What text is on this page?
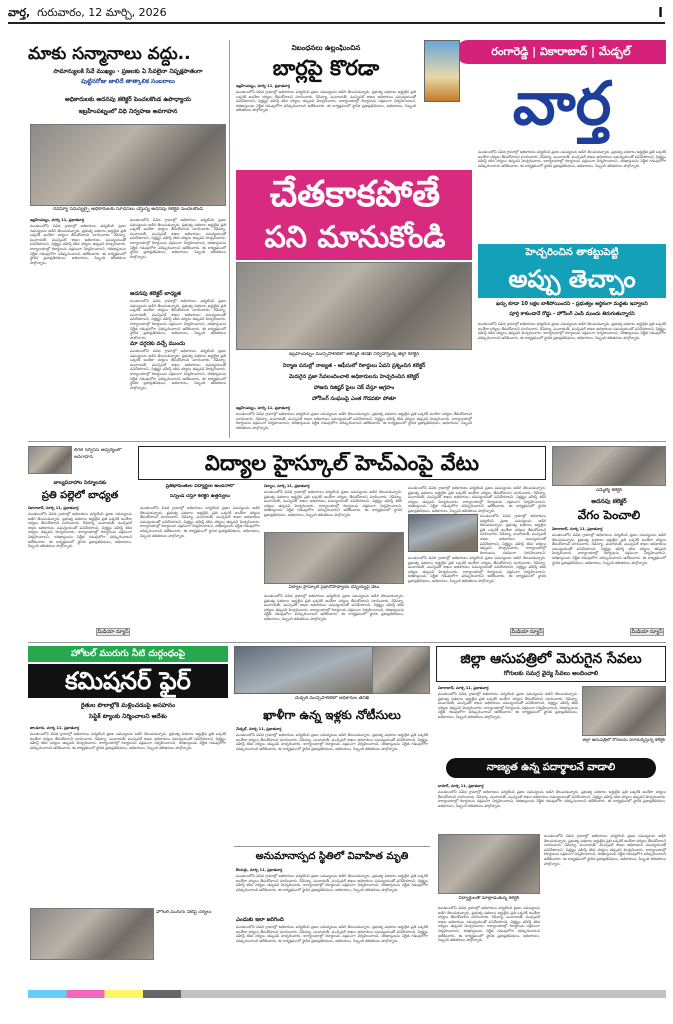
వార్త, గురువారం, 12 మార్చి, 2026	I
రంగారెడ్డి | వికారాబాద్ | మేడ్చల్
వార్త
మాకు సన్మానాలు వద్దు..
సామాన్యులకి సేవే ముఖ్యం - ప్రజలకు ఏ సేవలైనా నిష్పక్షపాతంగా
పుట్టినరోజు జాలిదే తాత్కాలిక సంబరాలు
అధికారులకు అదనపు కలెక్టర్ పెంచలకొండ ఉపాధ్యాయ
ఇబ్రహీంపట్నంలో విధి నిర్వహణ అవగాహన
రెవెన్యూ సమస్యల్పై అధికారులకు సూచనలు చేస్తున్న అదనపు కలెక్టర్ పెంచలకొండ
ఇబ్రహీంపట్నం, మార్చి 11, ప్రభాతవార్త
మండలంలోని వివిధ గ్రామాల్లో అధికారులు పర్యటించి ప్రజల సమస్యలను అడిగి తెలుసుకున్నారు. ప్రభుత్వ పథకాలు అర్హులైన ప్రతి ఒక్కరికీ అందేలా చర్యలు తీసుకోవాలని సూచించారు. రెవెన్యూ, పంచాయతీ, మున్సిపల్ శాఖల అధికారులు సమన్వయంతో పనిచేయాలని, నిర్లక్ష్యం వహిస్తే కఠిన చర్యలు తప్పవని హెచ్చరించారు. కార్యాలయాల్లో రికార్డులను సక్రమంగా నిర్వహించాలని, దరఖాస్తులను నిర్ణీత గడువులోగా పరిష్కరించాలని ఆదేశించారు. ఈ కార్యక్రమంలో స్థానిక ప్రజాప్రతినిధులు, అధికారులు, సిబ్బంది తదితరులు పాల్గొన్నారు.
మండలంలోని వివిధ గ్రామాల్లో అధికారులు పర్యటించి ప్రజల సమస్యలను అడిగి తెలుసుకున్నారు. ప్రభుత్వ పథకాలు అర్హులైన ప్రతి ఒక్కరికీ అందేలా చర్యలు తీసుకోవాలని సూచించారు. రెవెన్యూ, పంచాయతీ, మున్సిపల్ శాఖల అధికారులు సమన్వయంతో పనిచేయాలని, నిర్లక్ష్యం వహిస్తే కఠిన చర్యలు తప్పవని హెచ్చరించారు. కార్యాలయాల్లో రికార్డులను సక్రమంగా నిర్వహించాలని, దరఖాస్తులను నిర్ణీత గడువులోగా పరిష్కరించాలని ఆదేశించారు. ఈ కార్యక్రమంలో స్థానిక ప్రజాప్రతినిధులు, అధికారులు, సిబ్బంది తదితరులు పాల్గొన్నారు.
అదనపు కలెక్టర్ బాధ్యత
మండలంలోని వివిధ గ్రామాల్లో అధికారులు పర్యటించి ప్రజల సమస్యలను అడిగి తెలుసుకున్నారు. ప్రభుత్వ పథకాలు అర్హులైన ప్రతి ఒక్కరికీ అందేలా చర్యలు తీసుకోవాలని సూచించారు. రెవెన్యూ, పంచాయతీ, మున్సిపల్ శాఖల అధికారులు సమన్వయంతో పనిచేయాలని, నిర్లక్ష్యం వహిస్తే కఠిన చర్యలు తప్పవని హెచ్చరించారు. కార్యాలయాల్లో రికార్డులను సక్రమంగా నిర్వహించాలని, దరఖాస్తులను నిర్ణీత గడువులోగా పరిష్కరించాలని ఆదేశించారు. ఈ కార్యక్రమంలో స్థానిక ప్రజాప్రతినిధులు, అధికారులు, సిబ్బంది తదితరులు పాల్గొన్నారు.
మా దగ్గరకు వచ్చే ముందు
మండలంలోని వివిధ గ్రామాల్లో అధికారులు పర్యటించి ప్రజల సమస్యలను అడిగి తెలుసుకున్నారు. ప్రభుత్వ పథకాలు అర్హులైన ప్రతి ఒక్కరికీ అందేలా చర్యలు తీసుకోవాలని సూచించారు. రెవెన్యూ, పంచాయతీ, మున్సిపల్ శాఖల అధికారులు సమన్వయంతో పనిచేయాలని, నిర్లక్ష్యం వహిస్తే కఠిన చర్యలు తప్పవని హెచ్చరించారు. కార్యాలయాల్లో రికార్డులను సక్రమంగా నిర్వహించాలని, దరఖాస్తులను నిర్ణీత గడువులోగా పరిష్కరించాలని ఆదేశించారు. ఈ కార్యక్రమంలో స్థానిక ప్రజాప్రతినిధులు, అధికారులు, సిబ్బంది తదితరులు పాల్గొన్నారు.
నిబంధనలు ఉల్లంఘించిన
బార్లపై కొరడా
ఇబ్రహీంపట్నం, మార్చి 11, ప్రభాతవార్త
మండలంలోని వివిధ గ్రామాల్లో అధికారులు పర్యటించి ప్రజల సమస్యలను అడిగి తెలుసుకున్నారు. ప్రభుత్వ పథకాలు అర్హులైన ప్రతి ఒక్కరికీ అందేలా చర్యలు తీసుకోవాలని సూచించారు. రెవెన్యూ, పంచాయతీ, మున్సిపల్ శాఖల అధికారులు సమన్వయంతో పనిచేయాలని, నిర్లక్ష్యం వహిస్తే కఠిన చర్యలు తప్పవని హెచ్చరించారు. కార్యాలయాల్లో రికార్డులను సక్రమంగా నిర్వహించాలని, దరఖాస్తులను నిర్ణీత గడువులోగా పరిష్కరించాలని ఆదేశించారు. ఈ కార్యక్రమంలో స్థానిక ప్రజాప్రతినిధులు, అధికారులు, సిబ్బంది తదితరులు పాల్గొన్నారు.
చేతకాకపోతే
పని మానుకోండి
ఇబ్రహీంపట్నం మున్సిపాలిటీలో ఆకస్మిక తనిఖీ నిర్వహిస్తున్న జిల్లా కలెక్టర్
నిర్మాణ పనుల్లో నాణ్యత - ఆఫీసులో రికార్డులు ఏవని ప్రశ్నించిన కలెక్టర్
మెరుగైన ప్రజా సేవలందించాలి అధికారులను హెచ్చరించిన కలెక్టర్
హాజరు రిజిష్టర్ ఫైలు చెక్ చేస్తూ ఆగ్రహం
హోసింగ్ సంఘంపై ఎంత గొడవకూ పోతూ
ఇబ్రహీంపట్నం, మార్చి 11, ప్రభాతవార్త
మండలంలోని వివిధ గ్రామాల్లో అధికారులు పర్యటించి ప్రజల సమస్యలను అడిగి తెలుసుకున్నారు. ప్రభుత్వ పథకాలు అర్హులైన ప్రతి ఒక్కరికీ అందేలా చర్యలు తీసుకోవాలని సూచించారు. రెవెన్యూ, పంచాయతీ, మున్సిపల్ శాఖల అధికారులు సమన్వయంతో పనిచేయాలని, నిర్లక్ష్యం వహిస్తే కఠిన చర్యలు తప్పవని హెచ్చరించారు. కార్యాలయాల్లో రికార్డులను సక్రమంగా నిర్వహించాలని, దరఖాస్తులను నిర్ణీత గడువులోగా పరిష్కరించాలని ఆదేశించారు. ఈ కార్యక్రమంలో స్థానిక ప్రజాప్రతినిధులు, అధికారులు, సిబ్బంది తదితరులు పాల్గొన్నారు.
మండలంలోని వివిధ గ్రామాల్లో అధికారులు పర్యటించి ప్రజల సమస్యలను అడిగి తెలుసుకున్నారు. ప్రభుత్వ పథకాలు అర్హులైన ప్రతి ఒక్కరికీ అందేలా చర్యలు తీసుకోవాలని సూచించారు. రెవెన్యూ, పంచాయతీ, మున్సిపల్ శాఖల అధికారులు సమన్వయంతో పనిచేయాలని, నిర్లక్ష్యం వహిస్తే కఠిన చర్యలు తప్పవని హెచ్చరించారు. కార్యాలయాల్లో రికార్డులను సక్రమంగా నిర్వహించాలని, దరఖాస్తులను నిర్ణీత గడువులోగా పరిష్కరించాలని ఆదేశించారు. ఈ కార్యక్రమంలో స్థానిక ప్రజాప్రతినిధులు, అధికారులు, సిబ్బంది తదితరులు పాల్గొన్నారు.
హెచ్చరించిన తాకట్టుపెట్టి
అప్పు తెచ్చాం
ఖర్చు కూడా 10 లక్షల బాకీపోయిందని - ప్రభుత్వం ఆర్థికంగా మద్దతు ఇవ్వాలని
పూర్తి కాకుండానే రోడ్డు - హోసింగ్ ఎంపీ ముందు తిరుగుతున్నారని
మండలంలోని వివిధ గ్రామాల్లో అధికారులు పర్యటించి ప్రజల సమస్యలను అడిగి తెలుసుకున్నారు. ప్రభుత్వ పథకాలు అర్హులైన ప్రతి ఒక్కరికీ అందేలా చర్యలు తీసుకోవాలని సూచించారు. రెవెన్యూ, పంచాయతీ, మున్సిపల్ శాఖల అధికారులు సమన్వయంతో పనిచేయాలని, నిర్లక్ష్యం వహిస్తే కఠిన చర్యలు తప్పవని హెచ్చరించారు. కార్యాలయాల్లో రికార్డులను సక్రమంగా నిర్వహించాలని, దరఖాస్తులను నిర్ణీత గడువులోగా పరిష్కరించాలని ఆదేశించారు. ఈ కార్యక్రమంలో స్థానిక ప్రజాప్రతినిధులు, అధికారులు, సిబ్బంది తదితరులు పాల్గొన్నారు.
లీగల్ సర్వీసెస్ ఆధ్వర్యంలో అవగాహన
బాల్యవివాహాల నిర్మూలనకు
ప్రతి పల్లెలో బాధ్యత
వికారాబాద్, మార్చి 11, ప్రభాతవార్త
మండలంలోని వివిధ గ్రామాల్లో అధికారులు పర్యటించి ప్రజల సమస్యలను అడిగి తెలుసుకున్నారు. ప్రభుత్వ పథకాలు అర్హులైన ప్రతి ఒక్కరికీ అందేలా చర్యలు తీసుకోవాలని సూచించారు. రెవెన్యూ, పంచాయతీ, మున్సిపల్ శాఖల అధికారులు సమన్వయంతో పనిచేయాలని, నిర్లక్ష్యం వహిస్తే కఠిన చర్యలు తప్పవని హెచ్చరించారు. కార్యాలయాల్లో రికార్డులను సక్రమంగా నిర్వహించాలని, దరఖాస్తులను నిర్ణీత గడువులోగా పరిష్కరించాలని ఆదేశించారు. ఈ కార్యక్రమంలో స్థానిక ప్రజాప్రతినిధులు, అధికారులు, సిబ్బంది తదితరులు పాల్గొన్నారు.
మీడియా న్యూస్
విద్యాల హైస్కూల్ హెచ్ఎంపై వేటు
ప్రతిభావంతుల విద్యార్థుల అంచనాలో
సస్పెండ్ చేస్తూ కలెక్టర్ ఉత్తర్వులు
విద్యాల, మార్చి 11, ప్రభాతవార్త
మండలంలోని వివిధ గ్రామాల్లో అధికారులు పర్యటించి ప్రజల సమస్యలను అడిగి తెలుసుకున్నారు. ప్రభుత్వ పథకాలు అర్హులైన ప్రతి ఒక్కరికీ అందేలా చర్యలు తీసుకోవాలని సూచించారు. రెవెన్యూ, పంచాయతీ, మున్సిపల్ శాఖల అధికారులు సమన్వయంతో పనిచేయాలని, నిర్లక్ష్యం వహిస్తే కఠిన చర్యలు తప్పవని హెచ్చరించారు. కార్యాలయాల్లో రికార్డులను సక్రమంగా నిర్వహించాలని, దరఖాస్తులను నిర్ణీత గడువులోగా పరిష్కరించాలని ఆదేశించారు. ఈ కార్యక్రమంలో స్థానిక ప్రజాప్రతినిధులు, అధికారులు, సిబ్బంది తదితరులు పాల్గొన్నారు.
మండలంలోని వివిధ గ్రామాల్లో అధికారులు పర్యటించి ప్రజల సమస్యలను అడిగి తెలుసుకున్నారు. ప్రభుత్వ పథకాలు అర్హులైన ప్రతి ఒక్కరికీ అందేలా చర్యలు తీసుకోవాలని సూచించారు. రెవెన్యూ, పంచాయతీ, మున్సిపల్ శాఖల అధికారులు సమన్వయంతో పనిచేయాలని, నిర్లక్ష్యం వహిస్తే కఠిన చర్యలు తప్పవని హెచ్చరించారు. కార్యాలయాల్లో రికార్డులను సక్రమంగా నిర్వహించాలని, దరఖాస్తులను నిర్ణీత గడువులోగా పరిష్కరించాలని ఆదేశించారు. ఈ కార్యక్రమంలో స్థానిక ప్రజాప్రతినిధులు, అధికారులు, సిబ్బంది తదితరులు పాల్గొన్నారు.
విద్యాల హైస్కూల్ ప్రధానోపాధ్యాయ చెన్నయ్యపై వేటు
మండలంలోని వివిధ గ్రామాల్లో అధికారులు పర్యటించి ప్రజల సమస్యలను అడిగి తెలుసుకున్నారు. ప్రభుత్వ పథకాలు అర్హులైన ప్రతి ఒక్కరికీ అందేలా చర్యలు తీసుకోవాలని సూచించారు. రెవెన్యూ, పంచాయతీ, మున్సిపల్ శాఖల అధికారులు సమన్వయంతో పనిచేయాలని, నిర్లక్ష్యం వహిస్తే కఠిన చర్యలు తప్పవని హెచ్చరించారు. కార్యాలయాల్లో రికార్డులను సక్రమంగా నిర్వహించాలని, దరఖాస్తులను నిర్ణీత గడువులోగా పరిష్కరించాలని ఆదేశించారు. ఈ కార్యక్రమంలో స్థానిక ప్రజాప్రతినిధులు, అధికారులు, సిబ్బంది తదితరులు పాల్గొన్నారు.
మండలంలోని వివిధ గ్రామాల్లో అధికారులు పర్యటించి ప్రజల సమస్యలను అడిగి తెలుసుకున్నారు. ప్రభుత్వ పథకాలు అర్హులైన ప్రతి ఒక్కరికీ అందేలా చర్యలు తీసుకోవాలని సూచించారు. రెవెన్యూ, పంచాయతీ, మున్సిపల్ శాఖల అధికారులు సమన్వయంతో పనిచేయాలని, నిర్లక్ష్యం వహిస్తే కఠిన చర్యలు తప్పవని హెచ్చరించారు. కార్యాలయాల్లో రికార్డులను సక్రమంగా నిర్వహించాలని, దరఖాస్తులను నిర్ణీత గడువులోగా పరిష్కరించాలని ఆదేశించారు. ఈ కార్యక్రమంలో స్థానిక ప్రజాప్రతినిధులు, అధికారులు, సిబ్బంది తదితరులు పాల్గొన్నారు.
మండలంలోని వివిధ గ్రామాల్లో అధికారులు పర్యటించి ప్రజల సమస్యలను అడిగి తెలుసుకున్నారు. ప్రభుత్వ పథకాలు అర్హులైన ప్రతి ఒక్కరికీ అందేలా చర్యలు తీసుకోవాలని సూచించారు. రెవెన్యూ, పంచాయతీ, మున్సిపల్ శాఖల అధికారులు సమన్వయంతో పనిచేయాలని, నిర్లక్ష్యం వహిస్తే కఠిన చర్యలు తప్పవని హెచ్చరించారు. కార్యాలయాల్లో రికార్డులను సక్రమంగా నిర్వహించాలని,
మండలంలోని వివిధ గ్రామాల్లో అధికారులు పర్యటించి ప్రజల సమస్యలను అడిగి తెలుసుకున్నారు. ప్రభుత్వ పథకాలు అర్హులైన ప్రతి ఒక్కరికీ అందేలా చర్యలు తీసుకోవాలని సూచించారు. రెవెన్యూ, పంచాయతీ, మున్సిపల్ శాఖల అధికారులు సమన్వయంతో పనిచేయాలని, నిర్లక్ష్యం వహిస్తే కఠిన చర్యలు తప్పవని హెచ్చరించారు. కార్యాలయాల్లో రికార్డులను సక్రమంగా నిర్వహించాలని, దరఖాస్తులను నిర్ణీత గడువులోగా పరిష్కరించాలని ఆదేశించారు. ఈ కార్యక్రమంలో స్థానిక ప్రజాప్రతినిధులు, అధికారులు, సిబ్బంది తదితరులు పాల్గొన్నారు.
మీడియా న్యూస్
ఎమ్మెల్యే కలెక్టర్
అదనపు కలెక్టర్
వేగం పెంచాలి
వికారాబాద్, మార్చి 11, ప్రభాతవార్త
మండలంలోని వివిధ గ్రామాల్లో అధికారులు పర్యటించి ప్రజల సమస్యలను అడిగి తెలుసుకున్నారు. ప్రభుత్వ పథకాలు అర్హులైన ప్రతి ఒక్కరికీ అందేలా చర్యలు తీసుకోవాలని సూచించారు. రెవెన్యూ, పంచాయతీ, మున్సిపల్ శాఖల అధికారులు సమన్వయంతో పనిచేయాలని, నిర్లక్ష్యం వహిస్తే కఠిన చర్యలు తప్పవని హెచ్చరించారు. కార్యాలయాల్లో రికార్డులను సక్రమంగా నిర్వహించాలని, దరఖాస్తులను నిర్ణీత గడువులోగా పరిష్కరించాలని ఆదేశించారు. ఈ కార్యక్రమంలో స్థానిక ప్రజాప్రతినిధులు, అధికారులు, సిబ్బంది తదితరులు పాల్గొన్నారు.
మీడియా న్యూస్
హోటల్ మురుగు నీటి దుర్గంధంపై
కమిషనర్ ఫైర్
రైతుల పొలాల్లోకి మళ్లించడంపై అసహనం
సెఫ్టిక్ ట్యాంకు నిర్మించాలని ఆదేశం
తాండూరు, మార్చి 11, ప్రభాతవార్త
మండలంలోని వివిధ గ్రామాల్లో అధికారులు పర్యటించి ప్రజల సమస్యలను అడిగి తెలుసుకున్నారు. ప్రభుత్వ పథకాలు అర్హులైన ప్రతి ఒక్కరికీ అందేలా చర్యలు తీసుకోవాలని సూచించారు. రెవెన్యూ, పంచాయతీ, మున్సిపల్ శాఖల అధికారులు సమన్వయంతో పనిచేయాలని, నిర్లక్ష్యం వహిస్తే కఠిన చర్యలు తప్పవని హెచ్చరించారు. కార్యాలయాల్లో రికార్డులను సక్రమంగా నిర్వహించాలని, దరఖాస్తులను నిర్ణీత గడువులోగా పరిష్కరించాలని ఆదేశించారు. ఈ కార్యక్రమంలో స్థానిక ప్రజాప్రతినిధులు, అధికారులు, సిబ్బంది తదితరులు పాల్గొన్నారు.
హోటల్ మురుగు నీటిపై చర్యలు
మేడ్చల్ మున్సిపాలిటీలో అధికారుల తనిఖీ
ఖాళీగా ఉన్న ఇళ్లకు నోటీసులు
మేడ్చల్, మార్చి 11, ప్రభాతవార్త
మండలంలోని వివిధ గ్రామాల్లో అధికారులు పర్యటించి ప్రజల సమస్యలను అడిగి తెలుసుకున్నారు. ప్రభుత్వ పథకాలు అర్హులైన ప్రతి ఒక్కరికీ అందేలా చర్యలు తీసుకోవాలని సూచించారు. రెవెన్యూ, పంచాయతీ, మున్సిపల్ శాఖల అధికారులు సమన్వయంతో పనిచేయాలని, నిర్లక్ష్యం వహిస్తే కఠిన చర్యలు తప్పవని హెచ్చరించారు. కార్యాలయాల్లో రికార్డులను సక్రమంగా నిర్వహించాలని, దరఖాస్తులను నిర్ణీత గడువులోగా పరిష్కరించాలని ఆదేశించారు. ఈ కార్యక్రమంలో స్థానిక ప్రజాప్రతినిధులు, అధికారులు, సిబ్బంది తదితరులు పాల్గొన్నారు.
అనుమానాస్పద స్థితిలో వివాహిత మృతి
కొందుర్గు, మార్చి 11, ప్రభాతవార్త
మండలంలోని వివిధ గ్రామాల్లో అధికారులు పర్యటించి ప్రజల సమస్యలను అడిగి తెలుసుకున్నారు. ప్రభుత్వ పథకాలు అర్హులైన ప్రతి ఒక్కరికీ అందేలా చర్యలు తీసుకోవాలని సూచించారు. రెవెన్యూ, పంచాయతీ, మున్సిపల్ శాఖల అధికారులు సమన్వయంతో పనిచేయాలని, నిర్లక్ష్యం వహిస్తే కఠిన చర్యలు తప్పవని హెచ్చరించారు. కార్యాలయాల్లో రికార్డులను సక్రమంగా నిర్వహించాలని, దరఖాస్తులను నిర్ణీత గడువులోగా పరిష్కరించాలని ఆదేశించారు. ఈ కార్యక్రమంలో స్థానిక ప్రజాప్రతినిధులు, అధికారులు, సిబ్బంది తదితరులు పాల్గొన్నారు.
ఎందుకు ఇలా జరిగింది
మండలంలోని వివిధ గ్రామాల్లో అధికారులు పర్యటించి ప్రజల సమస్యలను అడిగి తెలుసుకున్నారు. ప్రభుత్వ పథకాలు అర్హులైన ప్రతి ఒక్కరికీ అందేలా చర్యలు తీసుకోవాలని సూచించారు. రెవెన్యూ, పంచాయతీ, మున్సిపల్ శాఖల అధికారులు సమన్వయంతో పనిచేయాలని, నిర్లక్ష్యం వహిస్తే కఠిన చర్యలు తప్పవని హెచ్చరించారు. కార్యాలయాల్లో రికార్డులను సక్రమంగా నిర్వహించాలని, దరఖాస్తులను నిర్ణీత గడువులోగా పరిష్కరించాలని ఆదేశించారు. ఈ కార్యక్రమంలో స్థానిక ప్రజాప్రతినిధులు, అధికారులు, సిబ్బంది తదితరులు పాల్గొన్నారు.
జిల్లా ఆసుపత్రిలో మెరుగైన సేవలు
రోగులకు సమగ్ర వైద్య సేవలు అందించాలి
వికారాబాద్, మార్చి 11, ప్రభాతవార్త
మండలంలోని వివిధ గ్రామాల్లో అధికారులు పర్యటించి ప్రజల సమస్యలను అడిగి తెలుసుకున్నారు. ప్రభుత్వ పథకాలు అర్హులైన ప్రతి ఒక్కరికీ అందేలా చర్యలు తీసుకోవాలని సూచించారు. రెవెన్యూ, పంచాయతీ, మున్సిపల్ శాఖల అధికారులు సమన్వయంతో పనిచేయాలని, నిర్లక్ష్యం వహిస్తే కఠిన చర్యలు తప్పవని హెచ్చరించారు. కార్యాలయాల్లో రికార్డులను సక్రమంగా నిర్వహించాలని, దరఖాస్తులను నిర్ణీత గడువులోగా పరిష్కరించాలని ఆదేశించారు. ఈ కార్యక్రమంలో స్థానిక ప్రజాప్రతినిధులు, అధికారులు, సిబ్బంది తదితరులు పాల్గొన్నారు.
జిల్లా ఆసుపత్రిలో రోగులను పరామర్శిస్తున్న కలెక్టర్
నాణ్యత ఉన్న పదార్థాలనే వాడాలి
ధారూర్, మార్చి 11, ప్రభాతవార్త
మండలంలోని వివిధ గ్రామాల్లో అధికారులు పర్యటించి ప్రజల సమస్యలను అడిగి తెలుసుకున్నారు. ప్రభుత్వ పథకాలు అర్హులైన ప్రతి ఒక్కరికీ అందేలా చర్యలు తీసుకోవాలని సూచించారు. రెవెన్యూ, పంచాయతీ, మున్సిపల్ శాఖల అధికారులు సమన్వయంతో పనిచేయాలని, నిర్లక్ష్యం వహిస్తే కఠిన చర్యలు తప్పవని హెచ్చరించారు. కార్యాలయాల్లో రికార్డులను సక్రమంగా నిర్వహించాలని, దరఖాస్తులను నిర్ణీత గడువులోగా పరిష్కరించాలని ఆదేశించారు. ఈ కార్యక్రమంలో స్థానిక ప్రజాప్రతినిధులు, అధికారులు, సిబ్బంది తదితరులు పాల్గొన్నారు.
విద్యార్థులతో మాట్లాడుతున్న కలెక్టర్
మండలంలోని వివిధ గ్రామాల్లో అధికారులు పర్యటించి ప్రజల సమస్యలను అడిగి తెలుసుకున్నారు. ప్రభుత్వ పథకాలు అర్హులైన ప్రతి ఒక్కరికీ అందేలా చర్యలు తీసుకోవాలని సూచించారు. రెవెన్యూ, పంచాయతీ, మున్సిపల్ శాఖల అధికారులు సమన్వయంతో పనిచేయాలని, నిర్లక్ష్యం వహిస్తే కఠిన చర్యలు తప్పవని హెచ్చరించారు. కార్యాలయాల్లో రికార్డులను సక్రమంగా నిర్వహించాలని, దరఖాస్తులను నిర్ణీత గడువులోగా పరిష్కరించాలని ఆదేశించారు. ఈ కార్యక్రమంలో స్థానిక ప్రజాప్రతినిధులు, అధికారులు, సిబ్బంది తదితరులు పాల్గొన్నారు.
మండలంలోని వివిధ గ్రామాల్లో అధికారులు పర్యటించి ప్రజల సమస్యలను అడిగి తెలుసుకున్నారు. ప్రభుత్వ పథకాలు అర్హులైన ప్రతి ఒక్కరికీ అందేలా చర్యలు తీసుకోవాలని సూచించారు. రెవెన్యూ, పంచాయతీ, మున్సిపల్ శాఖల అధికారులు సమన్వయంతో పనిచేయాలని, నిర్లక్ష్యం వహిస్తే కఠిన చర్యలు తప్పవని హెచ్చరించారు. కార్యాలయాల్లో రికార్డులను సక్రమంగా నిర్వహించాలని, దరఖాస్తులను నిర్ణీత గడువులోగా పరిష్కరించాలని ఆదేశించారు. ఈ కార్యక్రమంలో స్థానిక ప్రజాప్రతినిధులు, అధికారులు, సిబ్బంది తదితరులు పాల్గొన్నారు.
